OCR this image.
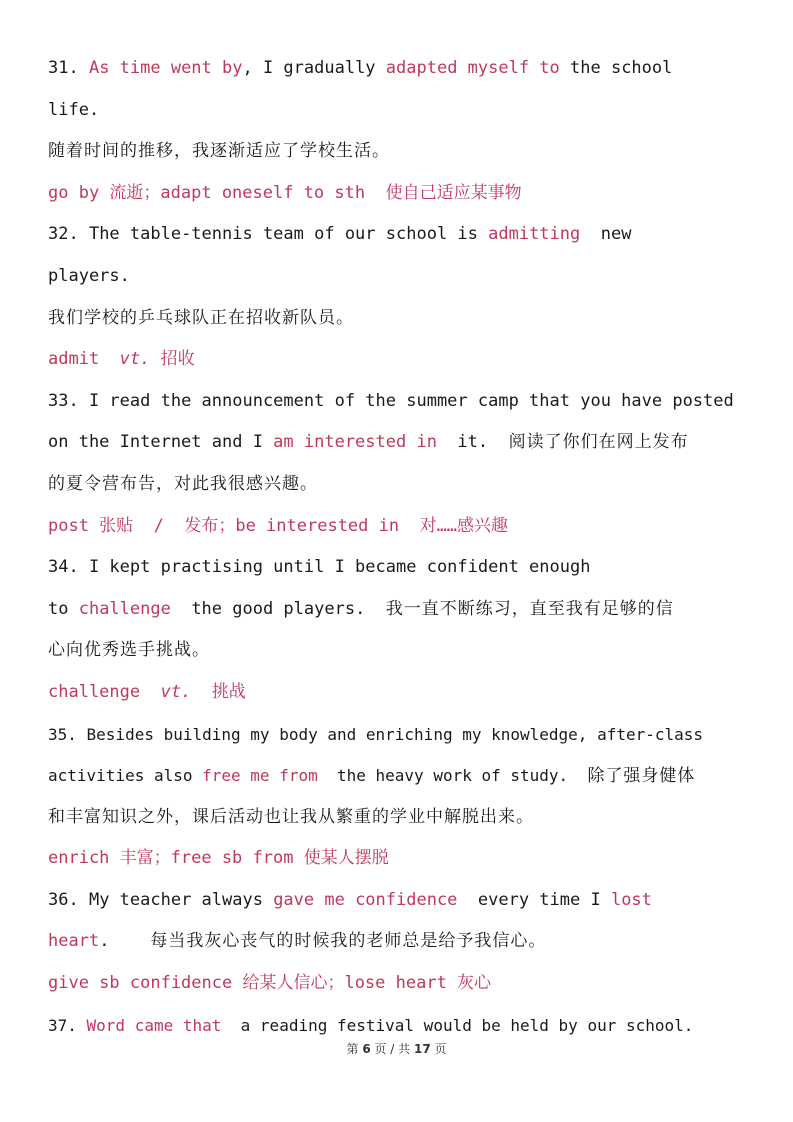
31. As time went by, I gradually adapted myself to the school
life.
随着时间的推移，我逐渐适应了学校生活。
go by 流逝；adapt oneself to sth  使自己适应某事物
32. The table-tennis team of our school is admitting  new
players.
我们学校的乒乓球队正在招收新队员。
admit  vt. 招收
33. I read the announcement of the summer camp that you have posted
on the Internet and I am interested in  it.  阅读了你们在网上发布
的夏令营布告，对此我很感兴趣。
post 张贴  /  发布；be interested in  对……感兴趣
34. I kept practising until I became confident enough
to challenge  the good players.  我一直不断练习，直至我有足够的信
心向优秀选手挑战。
challenge  vt.  挑战
35. Besides building my body and enriching my knowledge, after-class
activities also free me from  the heavy work of study.  除了强身健体
和丰富知识之外，课后活动也让我从繁重的学业中解脱出来。
enrich 丰富；free sb from 使某人摆脱
36. My teacher always gave me confidence  every time I lost
heart.    每当我灰心丧气的时候我的老师总是给予我信心。
give sb confidence 给某人信心；lose heart 灰心
37. Word came that  a reading festival would be held by our school.
第 6 页 / 共 17 页
